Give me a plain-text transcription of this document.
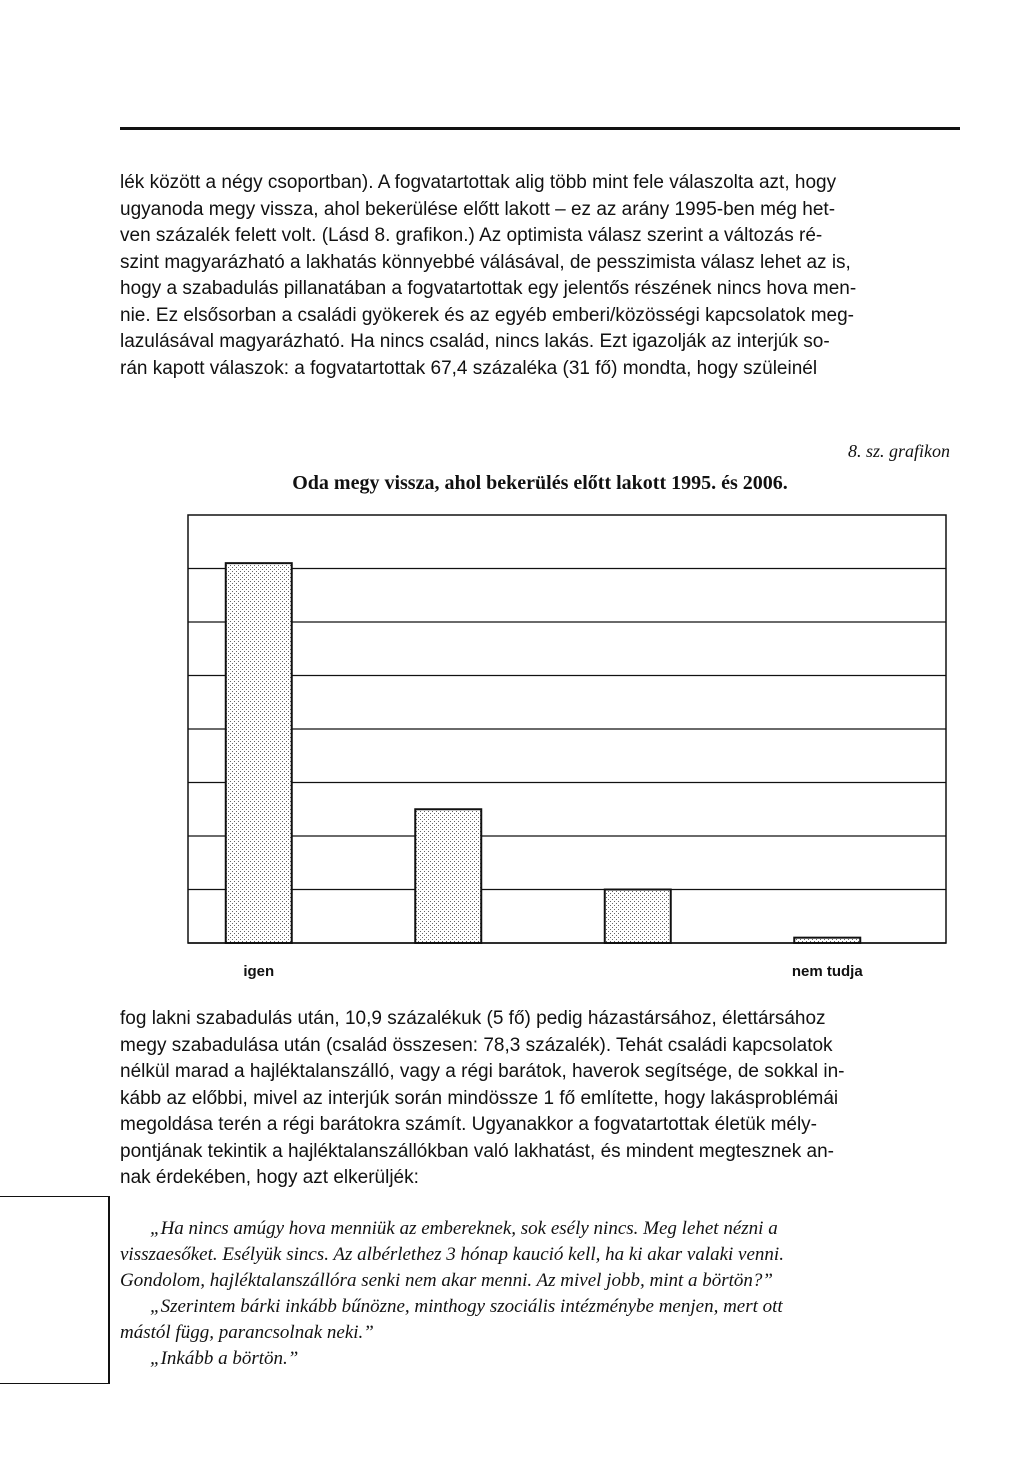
lék között a négy csoportban). A fogvatartottak alig több mint fele válaszolta azt, hogy
ugyanoda megy vissza, ahol bekerülése előtt lakott – ez az arány 1995-ben még het-
ven százalék felett volt. (Lásd 8. grafikon.) Az optimista válasz szerint a változás ré-
szint magyarázható a lakhatás könnyebbé válásával, de pesszimista válasz lehet az is,
hogy a szabadulás pillanatában a fogvatartottak egy jelentős részének nincs hova men-
nie. Ez elsősorban a családi gyökerek és az egyéb emberi/közösségi kapcsolatok meg-
lazulásával magyarázható. Ha nincs család, nincs lakás. Ezt igazolják az interjúk so-
rán kapott válaszok: a fogvatartottak 67,4 százaléka (31 fő) mondta, hogy szüleinél

8. sz. grafikon
Oda megy vissza, ahol bekerülés előtt lakott 1995. és 2006.
igen	nem tudja
fog lakni szabadulás után, 10,9 százalékuk (5 fő) pedig házastársához, élettársához
megy szabadulása után (család összesen: 78,3 százalék). Tehát családi kapcsolatok
nélkül marad a hajléktalanszálló, vagy a régi barátok, haverok segítsége, de sokkal in-
kább az előbbi, mivel az interjúk során mindössze 1 fő említette, hogy lakásproblémái
megoldása terén a régi barátokra számít. Ugyanakkor a fogvatartottak életük mély-
pontjának tekintik a hajléktalanszállókban való lakhatást, és mindent megtesznek an-
nak érdekében, hogy azt elkerüljék:
„Ha nincs amúgy hova menniük az embereknek, sok esély nincs. Meg lehet nézni a
visszaesőket. Esélyük sincs. Az albérlethez 3 hónap kaució kell, ha ki akar valaki venni.
Gondolom, hajléktalanszállóra senki nem akar menni. Az mivel jobb, mint a börtön?”
„Szerintem bárki inkább bűnözne, minthogy szociális intézménybe menjen, mert ott
mástól függ, parancsolnak neki.”
„Inkább a börtön.”
